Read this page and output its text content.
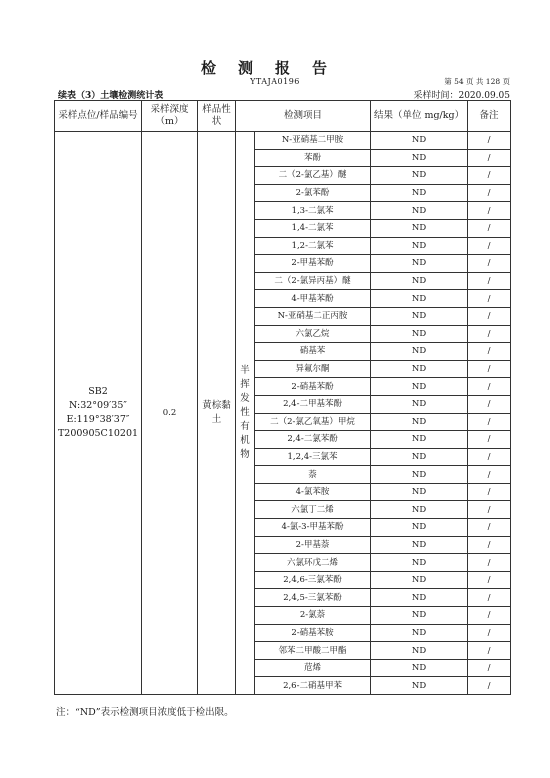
检测报告
YTAJA0196	第 54 页 共 128 页
续表（3）土壤检测统计表	采样时间：2020.09.05
采样点位/样品编号	采样深度（m）	样品性状	检测项目		结果（单位 mg/kg）	备注

SB2
N:32°09′35″
E:119°38′37″
T200905C10201	0.2	黄棕黏土	半挥发性有机物	N-亚硝基二甲胺	ND	/
				苯酚	ND	/
				二（2-氯乙基）醚	ND	/
				2-氯苯酚	ND	/
				1,3-二氯苯	ND	/
				1,4-二氯苯	ND	/
				1,2-二氯苯	ND	/
				2-甲基苯酚	ND	/
				二（2-氯异丙基）醚	ND	/
				4-甲基苯酚	ND	/
				N-亚硝基二正丙胺	ND	/
				六氯乙烷	ND	/
				硝基苯	ND	/
				异氟尔酮	ND	/
				2-硝基苯酚	ND	/
				2,4-二甲基苯酚	ND	/
				二（2-氯乙氧基）甲烷	ND	/
				2,4-二氯苯酚	ND	/
				1,2,4-三氯苯	ND	/
				萘	ND	/
				4-氯苯胺	ND	/
				六氯丁二烯	ND	/
				4-氯-3-甲基苯酚	ND	/
				2-甲基萘	ND	/
				六氯环戊二烯	ND	/
				2,4,6-三氯苯酚	ND	/
				2,4,5-三氯苯酚	ND	/
				2-氯萘	ND	/
				2-硝基苯胺	ND	/
				邻苯二甲酸二甲酯	ND	/
				苊烯	ND	/
				2,6-二硝基甲苯	ND	/
注：“ND”表示检测项目浓度低于检出限。
